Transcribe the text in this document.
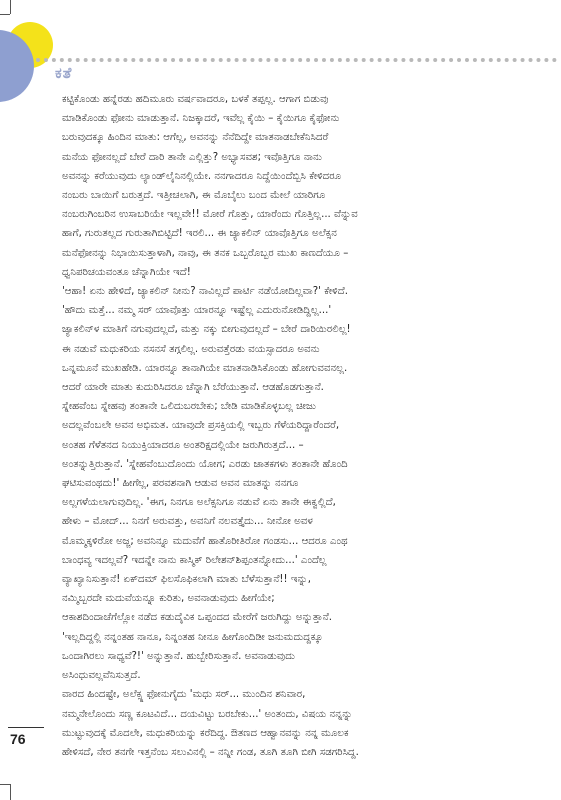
ಕತೆ
ಕಟ್ಟಿಕೊಂಡು ಹನ್ನೆರಡು ಹದಿಮೂರು ವರ್ಷವಾದರೂ, ಬಳಕೆ ತಪ್ಪಲ್ಲ. ಆಗಾಗ ಬಿಡುವು
ಮಾಡಿಕೊಂಡು ಫೋನು ಮಾಡುತ್ತಾನೆ. ನಿಜಕ್ಕಾದರೆ, ಇವೆಲ್ಲ ಕೈಯಿ – ಕೈಯಿಗೂ ಕೈಫೋನು
ಬರುವುದಕ್ಕೂ ಹಿಂದಿನ ಮಾತು: ಆಗೆಲ್ಲ, ಅವನನ್ನು ನೆನೆದಿದ್ದೇ ಮಾತನಾಡಬೇಕೆನಿಸಿದರೆ
ಮನೆಯ ಫೋನಲ್ಲದೆ ಬೇರೆ ದಾರಿ ತಾನೇ ಎಲ್ಲಿತ್ತು? ಅಭ್ಯಾಸವಶ; ಇವೊತ್ತಿಗೂ ನಾನು
ಅವನನ್ನು ಕರೆಯುವುದು ಲ್ಯಾಂಡ್‌ಲೈನಿನಲ್ಲಿಯೇ. ನನಗಾದರೂ ನಿದ್ದೆಯಿಂದೆಬ್ಬಿಸಿ ಕೇಳಿದರೂ
ನಂಬರು ಬಾಯಿಗೆ ಬರುತ್ತದೆ. ಇತ್ತೀಚಲಾಗಿ, ಈ ಮೊಬೈಲು ಬಂದ ಮೇಲೆ ಯಾರಿಗೂ
ನಂಬರುಗಿಂಬರಿನ ಉಸಾಬರಿಯೇ ಇಲ್ಲವೇ!! ಮೋರೆ ಗೊತ್ತು, ಯಾರೆಂದು ಗೊತ್ತಿಲ್ಲ... ವೆನ್ನುವ
ಹಾಗೆ, ಗುರುತಲ್ಲದ ಗುರುತಾಗಿಬಿಟ್ಟಿದೆ! ಇರಲಿ... ಈ ಜ್ಯಾಕಲಿನ್ ಯಾವೊತ್ತಿಗೂ ಅಲೆಕ್ಸನ
ಮನೆಫೋನನ್ನು ನಿಭಾಯಿಸುತ್ತಾಳಾಗಿ, ನಾವು, ಈ ತನಕ ಒಬ್ಬರೊಬ್ಬರ ಮುಖ ಕಾಣದೆಯೂ –
ಧ್ವನಿಪರಿಚಯವಂತೂ ಚೆನ್ನಾಗಿಯೇ ಇದೆ!
'ಆಹಾ! ಏನು ಹೇಳಿದೆ, ಜ್ಯಾಕಲಿನ್ ನೀನು? ನಾವಿಲ್ಲದೆ ಪಾರ್ಟಿ ನಡೆಯೋದಿಲ್ಲವಾ?' ಕೇಳಿದೆ.
'ಹೌದು ಮತ್ತೆ... ನಮ್ಮ ಸರ್ ಯಾವೊತ್ತು ಯಾರನ್ನೂ ಇಷ್ಟೆಲ್ಲ ಎದುರುನೋಡಿದ್ದಿಲ್ಲ...'
ಜ್ಯಾಕಲಿನ್‌ಳ ಮಾತಿಗೆ ನಗುವುದಲ್ಲದೆ, ಮತ್ತು ನಕ್ಕು ಬೀಗುವುದಲ್ಲದೆ – ಬೇರೆ ದಾರಿಯಿರಲಿಲ್ಲ!
ಈ ನಡುವೆ ಮಧುಕರಿಯ ನಸನಸೆ ತಗ್ಗಲಿಲ್ಲ. ಅರುವತ್ತೆರಡು ವಯಸ್ಸಾದರೂ ಅವನು
ಒನ್ನಮೂನೆ ಮುಖಹೇಡಿ. ಯಾರನ್ನೂ ತಾನಾಗಿಯೇ ಮಾತನಾಡಿಸಿಕೊಂಡು ಹೋಗುವವನಲ್ಲ.
ಆದರೆ ಯಾರೇ ಮಾತು ಕುದುರಿಸಿದರೂ ಚೆನ್ನಾಗಿ ಬೆರೆಯುತ್ತಾನೆ. ಆಡಹೊಡಗುತ್ತಾನೆ.
ಸ್ನೇಹವೆಂಬ ಸ್ನೇಹವು ತಂತಾನೇ ಒಲಿದುಬರಬೇಕು; ಬೇಡಿ ಮಾಡಿಕೊಳ್ಳಬಲ್ಲ ಚೀಜು
ಅದಲ್ಲವೆಂಬಲೇ ಅವನ ಅಭಿಮತ. ಯಾವುದೇ ಪ್ರಸಕ್ತಿಯಲ್ಲಿ ಇಬ್ಬರು ಗೆಳೆಯರಿದ್ದಾರೆಂದರೆ,
ಅಂತಹ ಗೆಳೆತನದ ನಿಯುಕ್ತಿಯಾದರೂ ಅಂತರಿಕ್ಷದಲ್ಲಿಯೇ ಜರುಗಿರುತ್ತದೆ... –
ಅಂತನ್ನುತ್ತಿರುತ್ತಾನೆ. 'ಸ್ನೇಹವೆಂಬುದೊಂದು ಯೋಗ; ಎರಡು ಜಾತಕಗಳು ತಂತಾನೇ ಹೊಂದಿ
ಘಟಿಸುವಂಥದು!' ಹೀಗೆಲ್ಲ, ಪರವಶನಾಗಿ ಆಡುವ ಅವನ ಮಾತನ್ನು ನನಗೂ
ಅಲ್ಲಗಳೆಯಲಾಗುವುದಿಲ್ಲ. 'ಈಗ, ನಿನಗೂ ಅಲೆಕ್ಸನಿಗೂ ನಡುವೆ ಏನು ತಾನೇ ಈಕ್ವಲ್ಲಿದೆ,
ಹೇಳು – ಮೋದ್‌... ನಿನಗೆ ಅರುವತ್ತು, ಅವನಿಗೆ ನಲವತ್ತೈದು... ನೀನೋ ಅವಳ
ಮೊಮ್ಮಕ್ಕಳಿರೋ ಅಜ್ಜ; ಅವನಿನ್ನೂ ಮದುವೆಗೆ ಹಾತೊರೀತಿರೋ ಗಂಡಸು... ಆದರೂ ಎಂಥ
ಬಾಂಧವ್ಯ ಇದಲ್ಲವೆ? ಇದನ್ನೇ ನಾನು ಕಾಸ್ಮಿಕ್ ರಿಲೇಶನ್‌ಶಿಪ್ಪಂತನ್ನೋದು...' ಎಂದೆಲ್ಲ
ವ್ಯಾಖ್ಯಾನಿಸುತ್ತಾನೆ! ಏಕ್‌ದಮ್ ಫಿಲಸೊಫಿಕಲಾಗಿ ಮಾತು ಬೆಳೆಸುತ್ತಾನೆ!! ಇನ್ನು,
ನಮ್ಮಿಬ್ಬರದೇ ಮದುವೆಯನ್ನೂ ಕುರಿತು, ಅವನಾಡುವುದು ಹೀಗೆಯೇ;
ಆಕಾಶದಿಂದಾಚೆಗೆಲ್ಲೋ ನಡೆದ ಕಡುದೈವಿಕ ಒಪ್ಪಂದದ ಮೇರೆಗೆ ಜರುಗಿದ್ದು ಅನ್ನುತ್ತಾನೆ.
'ಇಲ್ಲದಿದ್ದಲ್ಲಿ ನನ್ನಂತಹ ನಾನೂ, ನಿನ್ನಂತಹ ನೀನೂ ಹೀಗೊಂದಿಡೀ ಜನುಮದುದ್ದಕ್ಕೂ
ಒಂದಾಗಿರಲು ಸಾಧ್ಯವೆ?!' ಅನ್ನುತ್ತಾನೆ. ಹುಬ್ಬೇರಿಸುತ್ತಾನೆ. ಅವನಾಡುವುದು
ಅಸಿಂಧುವಲ್ಲವೆನಿಸುತ್ತದೆ.
ವಾರದ ಹಿಂದಷ್ಟೇ, ಅಲೆಕ್ಸ್ನ ಫೋನುಗೈದು 'ಮಧು ಸರ್... ಮುಂದಿನ ಶನಿವಾರ,
ನಮ್ಮನೇಲೊಂದು ಸಣ್ಣ ಕೂಟವಿದೆ... ದಯವಿಟ್ಟು ಬರಬೇಕು...' ಅಂತಂದು, ವಿಷಯ ನನ್ನನ್ನು
ಮುಟ್ಟುವುದಕ್ಕೆ ಮೊದಲೇ, ಮಧುಕರಿಯನ್ನು ಕರೆದಿದ್ದ. ಔತಣದ ಆಹ್ವಾನವನ್ನು ನನ್ನ ಮೂಲಕ
ಹೇಳಿಸದೆ, ನೇರ ತನಗೇ ಇತ್ತನೆಂಬ ಸಲುವಿನಲ್ಲಿ – ನನ್ನೀ ಗಂಡ, ತೂಗಿ ತೂಗಿ ಬೀಗಿ ಸಡಗರಿಸಿದ್ದ.
76
